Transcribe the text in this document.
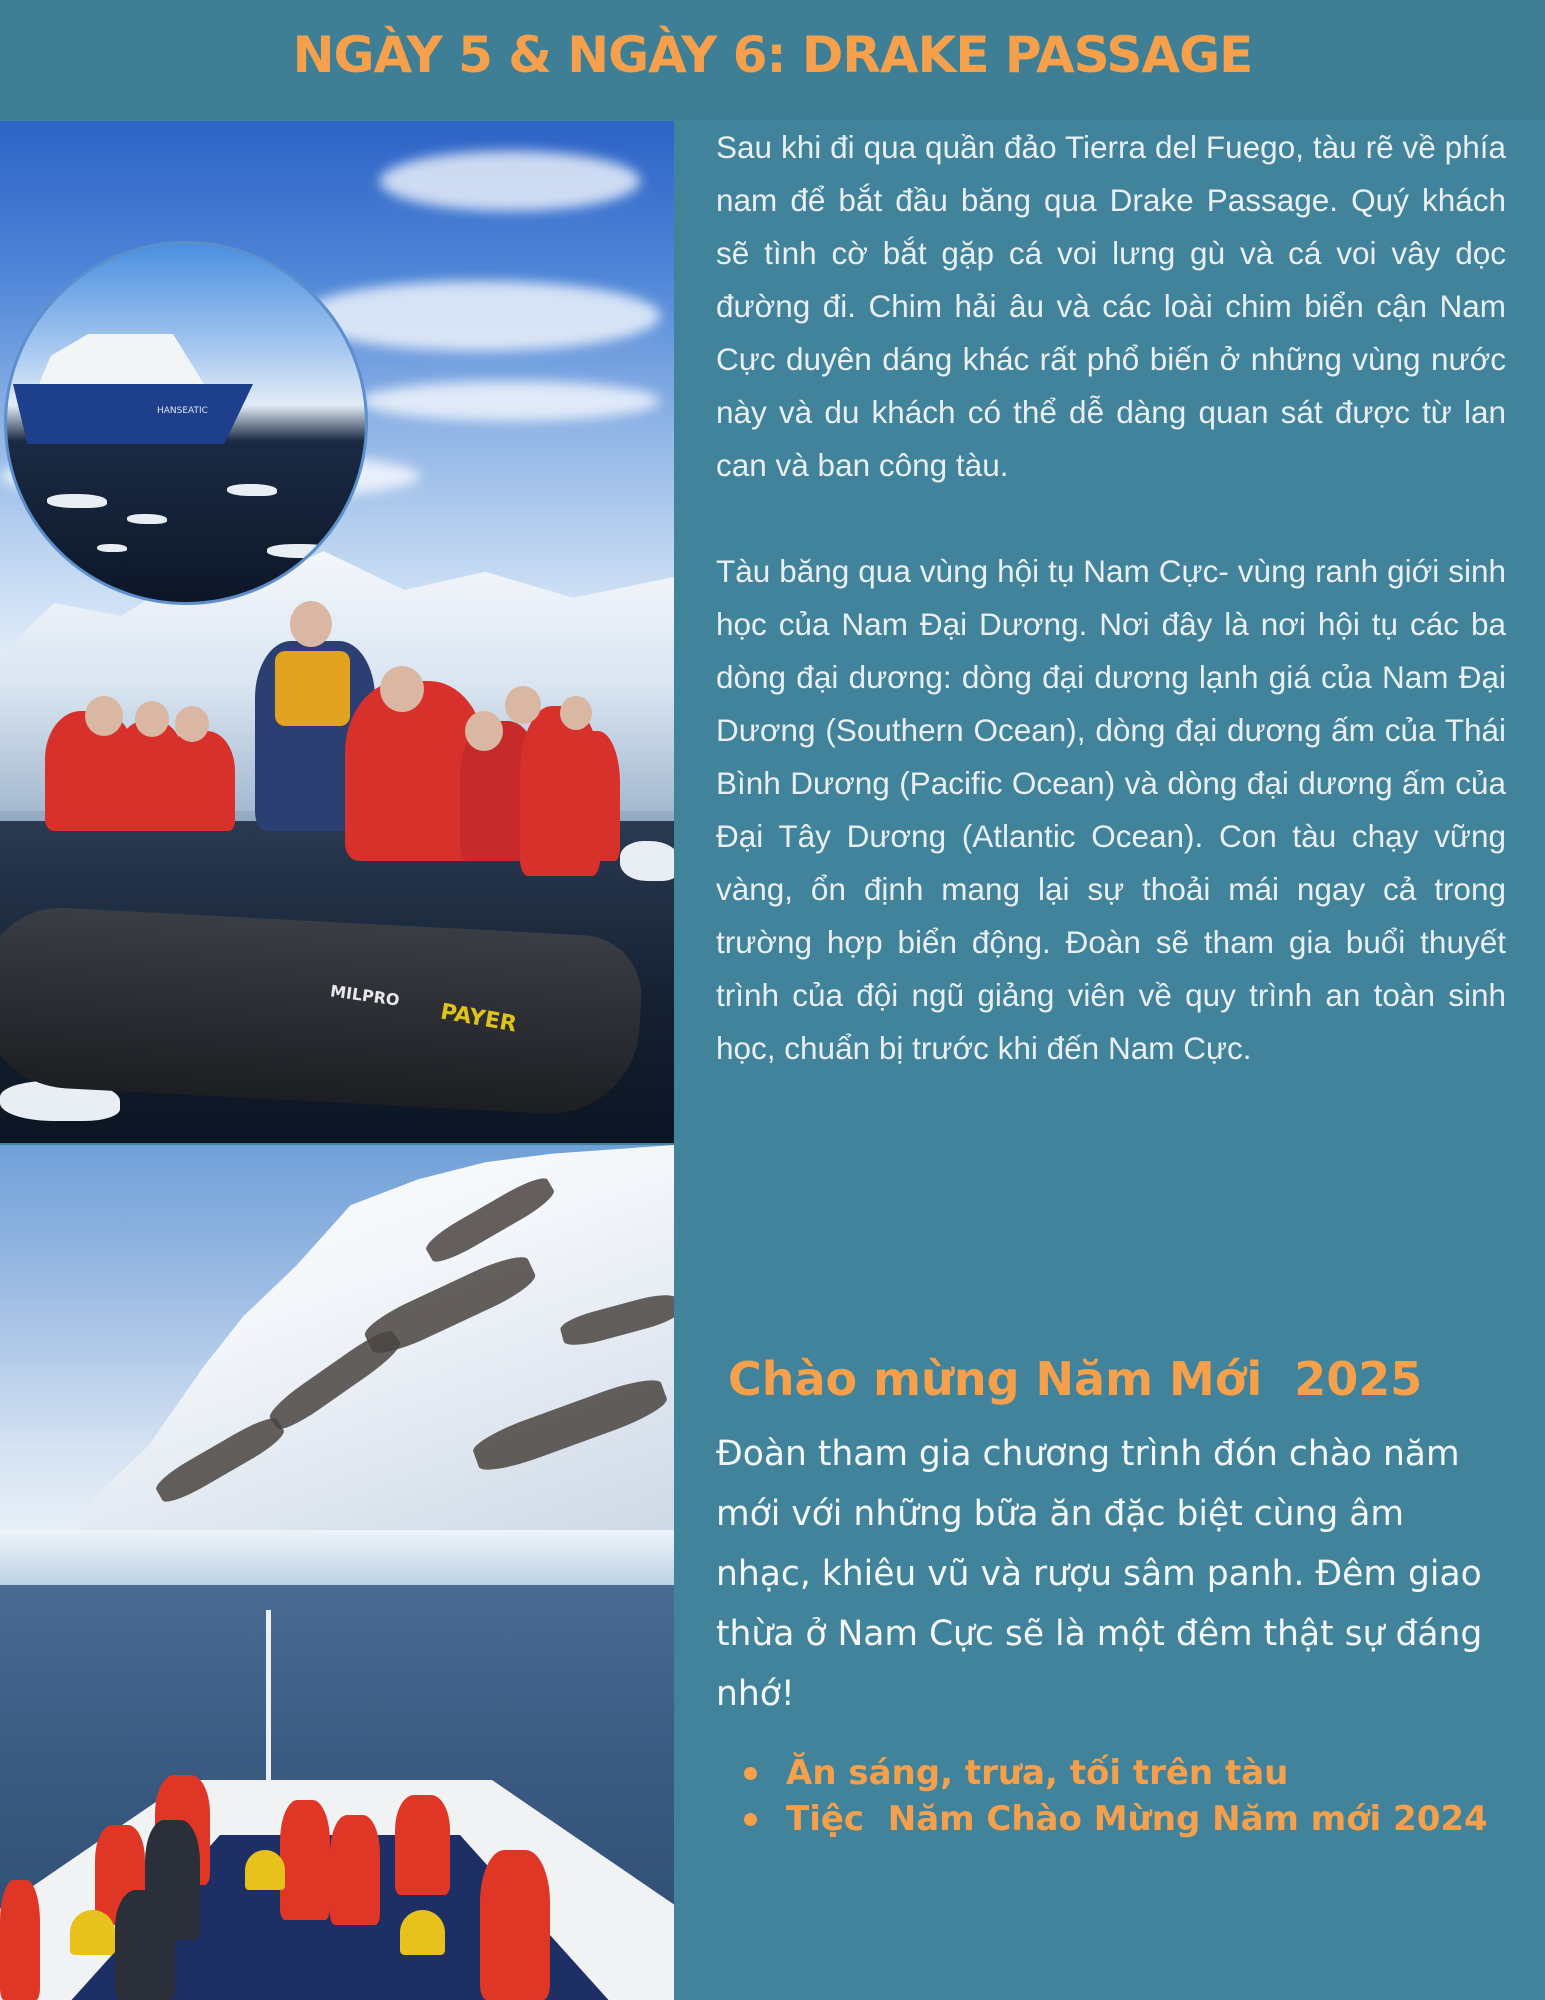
NGÀY 5 & NGÀY 6: DRAKE PASSAGE
MILPRO
PAYER
HANSEATIC

Sau khi đi qua quần đảo Tierra del Fuego, tàu rẽ về phía nam để bắt đầu băng qua Drake Passage. Quý khách sẽ tình cờ bắt gặp cá voi lưng gù và cá voi vây dọc đường đi. Chim hải âu và các loài chim biển cận Nam Cực duyên dáng khác rất phổ biến ở những vùng nước này và du khách có thể dễ dàng quan sát được từ lan can và ban công tàu.

Tàu băng qua vùng hội tụ Nam Cực- vùng ranh giới sinh học của Nam Đại Dương. Nơi đây là nơi hội tụ các ba dòng đại dương: dòng đại dương lạnh giá của Nam Đại Dương (Southern Ocean), dòng đại dương ấm của Thái Bình Dương (Pacific Ocean) và dòng đại dương ấm của Đại Tây Dương (Atlantic Ocean). Con tàu chạy vững vàng, ổn định mang lại sự thoải mái ngay cả trong trường hợp biển động. Đoàn sẽ tham gia buổi thuyết trình của đội ngũ giảng viên về quy trình an toàn sinh học, chuẩn bị trước khi đến Nam Cực.

Chào mừng Năm Mới  2025

Đoàn tham gia chương trình đón chào năm mới với những bữa ăn đặc biệt cùng âm nhạc, khiêu vũ và rượu sâm panh. Đêm giao thừa ở Nam Cực sẽ là một đêm thật sự đáng nhớ!

Ăn sáng, trưa, tối trên tàu
Tiệc  Năm Chào Mừng Năm mới 2024
